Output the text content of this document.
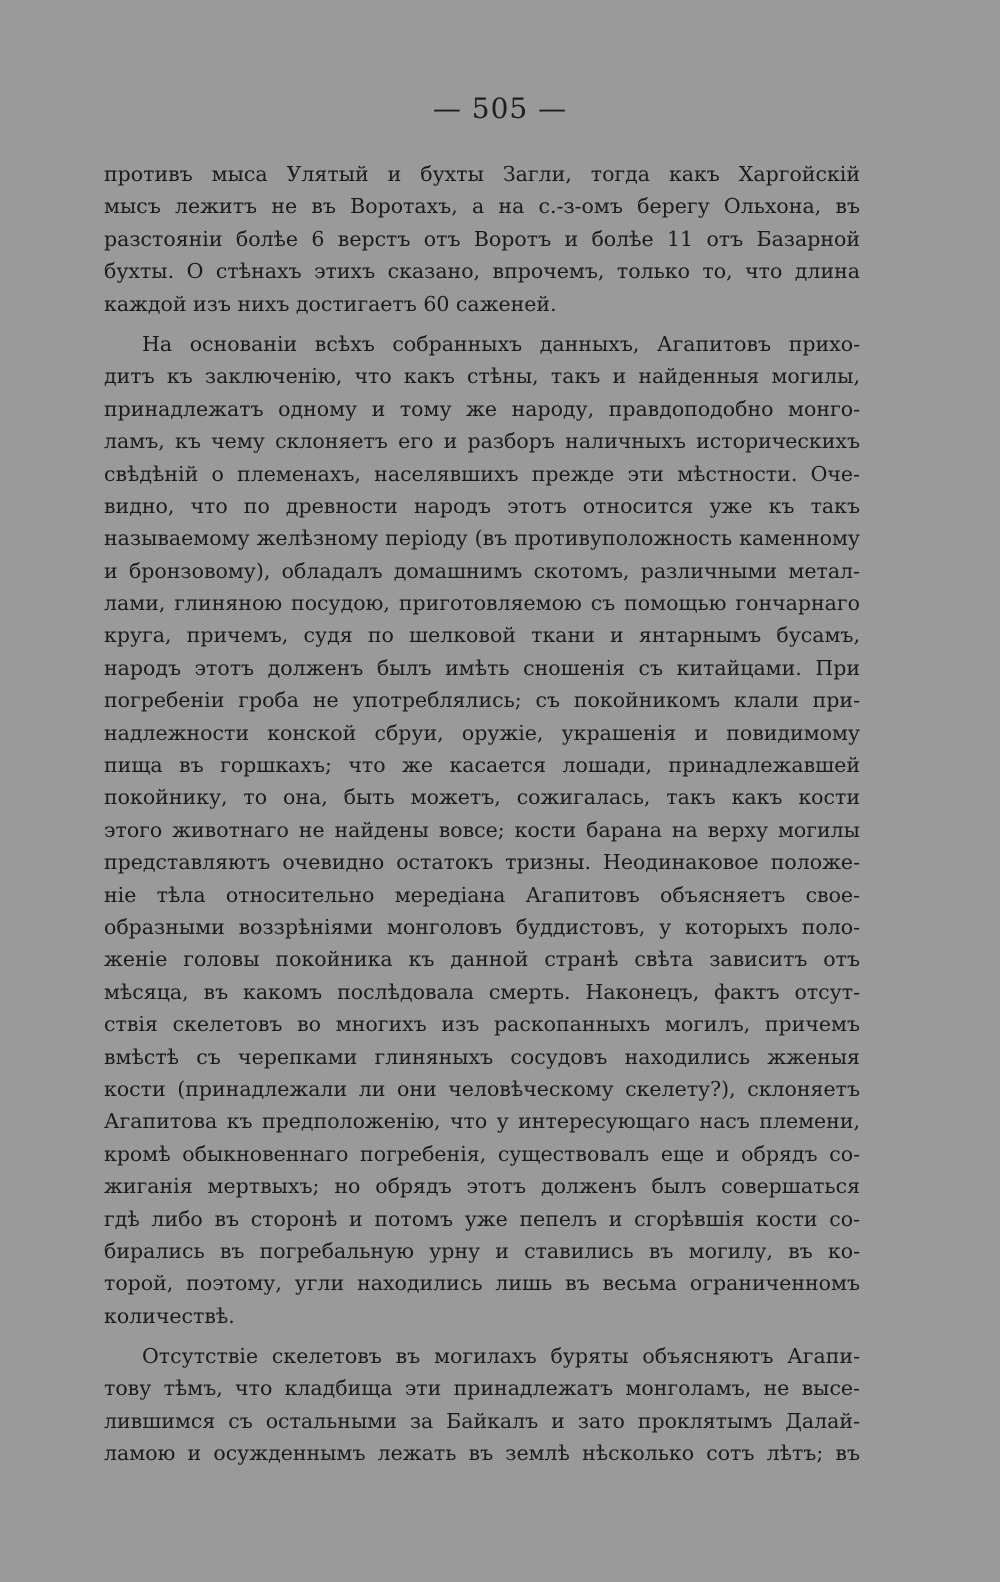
— 505 —
противъ мыса Улятый и бухты Загли, тогда какъ Харгойскій
мысъ лежитъ не въ Воротахъ, а на с.-з-омъ берегу Ольхона, въ
разстояніи болѣе 6 верстъ отъ Воротъ и болѣе 11 отъ Базарной
бухты. О стѣнахъ этихъ сказано, впрочемъ, только то, что длина
каждой изъ нихъ достигаетъ 60 саженей.
На основаніи всѣхъ собранныхъ данныхъ, Агапитовъ прихо-
дитъ къ заключенію, что какъ стѣны, такъ и найденныя могилы,
принадлежатъ одному и тому же народу, правдоподобно монго-
ламъ, къ чему склоняетъ его и разборъ наличныхъ историческихъ
свѣдѣній о племенахъ, населявшихъ прежде эти мѣстности. Оче-
видно, что по древности народъ этотъ относится уже къ такъ
называемому желѣзному періоду (въ противуположность каменному
и бронзовому), обладалъ домашнимъ скотомъ, различными метал-
лами, глиняною посудою, приготовляемою съ помощью гончарнаго
круга, причемъ, судя по шелковой ткани и янтарнымъ бусамъ,
народъ этотъ долженъ былъ имѣть сношенія съ китайцами. При
погребеніи гроба не употреблялись; съ покойникомъ клали при-
надлежности конской сбруи, оружіе, украшенія и повидимому
пища въ горшкахъ; что же касается лошади, принадлежавшей
покойнику, то она, быть можетъ, сожигалась, такъ какъ кости
этого животнаго не найдены вовсе; кости барана на верху могилы
представляютъ очевидно остатокъ тризны. Неодинаковое положе-
ніе тѣла относительно мередіана Агапитовъ объясняетъ свое-
образными воззрѣніями монголовъ буддистовъ, у которыхъ поло-
женіе головы покойника къ данной странѣ свѣта зависитъ отъ
мѣсяца, въ какомъ послѣдовала смерть. Наконецъ, фактъ отсут-
ствія скелетовъ во многихъ изъ раскопанныхъ могилъ, причемъ
вмѣстѣ съ черепками глиняныхъ сосудовъ находились жженыя
кости (принадлежали ли они человѣческому скелету?), склоняетъ
Агапитова къ предположенію, что у интересующаго насъ племени,
кромѣ обыкновеннаго погребенія, существовалъ еще и обрядъ со-
жиганія мертвыхъ; но обрядъ этотъ долженъ былъ совершаться
гдѣ либо въ сторонѣ и потомъ уже пепелъ и сгорѣвшія кости со-
бирались въ погребальную урну и ставились въ могилу, въ ко-
торой, поэтому, угли находились лишь въ весьма ограниченномъ
количествѣ.
Отсутствіе скелетовъ въ могилахъ буряты объясняютъ Агапи-
тову тѣмъ, что кладбища эти принадлежатъ монголамъ, не высе-
лившимся съ остальными за Байкалъ и зато проклятымъ Далай-
ламою и осужденнымъ лежать въ землѣ нѣсколько сотъ лѣтъ; въ
